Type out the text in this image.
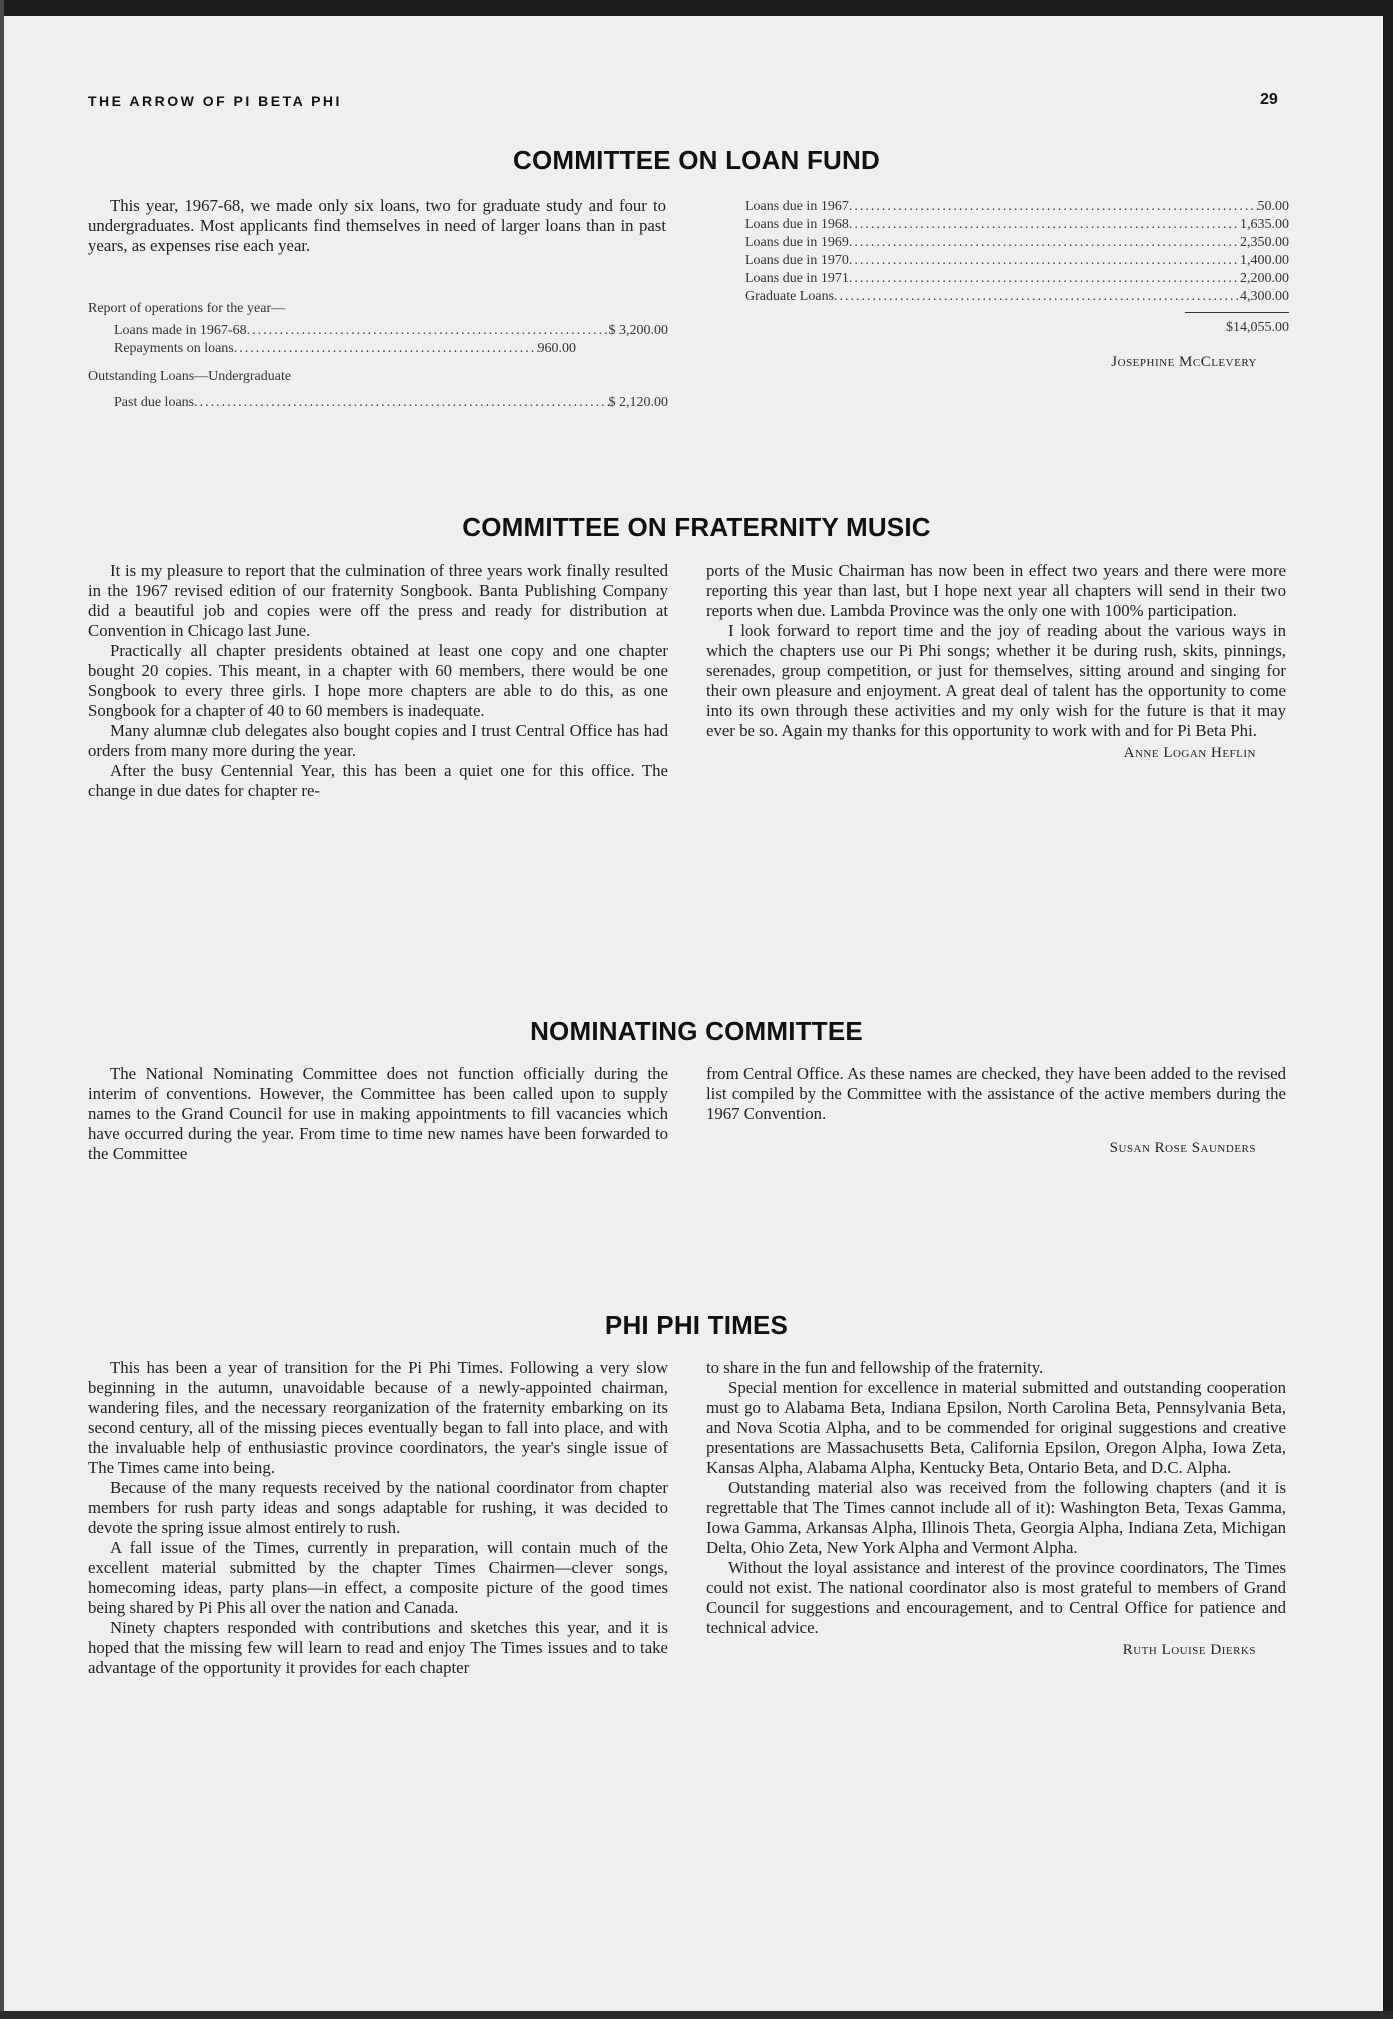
THE ARROW OF PI BETA PHI	29
COMMITTEE ON LOAN FUND

This year, 1967-68, we made only six loans, two for graduate study and four to undergraduates. Most applicants find themselves in need of larger loans than in past years, as expenses rise each year.

Report of operations for the year—
Loans made in 1967-68 .....	$ 3,200.00
Repayments on loans .....	960.00
Outstanding Loans—Undergraduate
Past due loans .....	$ 2,120.00
Loans due in 1967 .....	50.00
Loans due in 1968 .....	1,635.00
Loans due in 1969 .....	2,350.00
Loans due in 1970 .....	1,400.00
Loans due in 1971 .....	2,200.00
Graduate Loans .....	4,300.00
$14,055.00
Josephine McClevery
COMMITTEE ON FRATERNITY MUSIC

It is my pleasure to report that the culmination of three years work finally resulted in the 1967 revised edition of our fraternity Songbook. Banta Publishing Company did a beautiful job and copies were off the press and ready for distribution at Convention in Chicago last June.

Practically all chapter presidents obtained at least one copy and one chapter bought 20 copies. This meant, in a chapter with 60 members, there would be one Songbook to every three girls. I hope more chapters are able to do this, as one Songbook for a chapter of 40 to 60 members is inadequate.

Many alumnæ club delegates also bought copies and I trust Central Office has had orders from many more during the year.

After the busy Centennial Year, this has been a quiet one for this office. The change in due dates for chapter re-

ports of the Music Chairman has now been in effect two years and there were more reporting this year than last, but I hope next year all chapters will send in their two reports when due. Lambda Province was the only one with 100% participation.

I look forward to report time and the joy of reading about the various ways in which the chapters use our Pi Phi songs; whether it be during rush, skits, pinnings, serenades, group competition, or just for themselves, sitting around and singing for their own pleasure and enjoyment. A great deal of talent has the opportunity to come into its own through these activities and my only wish for the future is that it may ever be so. Again my thanks for this opportunity to work with and for Pi Beta Phi.

Anne Logan Heflin
NOMINATING COMMITTEE

The National Nominating Committee does not function officially during the interim of conventions. However, the Committee has been called upon to supply names to the Grand Council for use in making appointments to fill vacancies which have occurred during the year. From time to time new names have been forwarded to the Committee

from Central Office. As these names are checked, they have been added to the revised list compiled by the Committee with the assistance of the active members during the 1967 Convention.

Susan Rose Saunders
PHI PHI TIMES

This has been a year of transition for the Pi Phi Times. Following a very slow beginning in the autumn, unavoidable because of a newly-appointed chairman, wandering files, and the necessary reorganization of the fraternity embarking on its second century, all of the missing pieces eventually began to fall into place, and with the invaluable help of enthusiastic province coordinators, the year's single issue of The Times came into being.

Because of the many requests received by the national coordinator from chapter members for rush party ideas and songs adaptable for rushing, it was decided to devote the spring issue almost entirely to rush.

A fall issue of the Times, currently in preparation, will contain much of the excellent material submitted by the chapter Times Chairmen—clever songs, homecoming ideas, party plans—in effect, a composite picture of the good times being shared by Pi Phis all over the nation and Canada.

Ninety chapters responded with contributions and sketches this year, and it is hoped that the missing few will learn to read and enjoy The Times issues and to take advantage of the opportunity it provides for each chapter

to share in the fun and fellowship of the fraternity.

Special mention for excellence in material submitted and outstanding cooperation must go to Alabama Beta, Indiana Epsilon, North Carolina Beta, Pennsylvania Beta, and Nova Scotia Alpha, and to be commended for original suggestions and creative presentations are Massachusetts Beta, California Epsilon, Oregon Alpha, Iowa Zeta, Kansas Alpha, Alabama Alpha, Kentucky Beta, Ontario Beta, and D.C. Alpha.

Outstanding material also was received from the following chapters (and it is regrettable that The Times cannot include all of it): Washington Beta, Texas Gamma, Iowa Gamma, Arkansas Alpha, Illinois Theta, Georgia Alpha, Indiana Zeta, Michigan Delta, Ohio Zeta, New York Alpha and Vermont Alpha.

Without the loyal assistance and interest of the province coordinators, The Times could not exist. The national coordinator also is most grateful to members of Grand Council for suggestions and encouragement, and to Central Office for patience and technical advice.

Ruth Louise Dierks
